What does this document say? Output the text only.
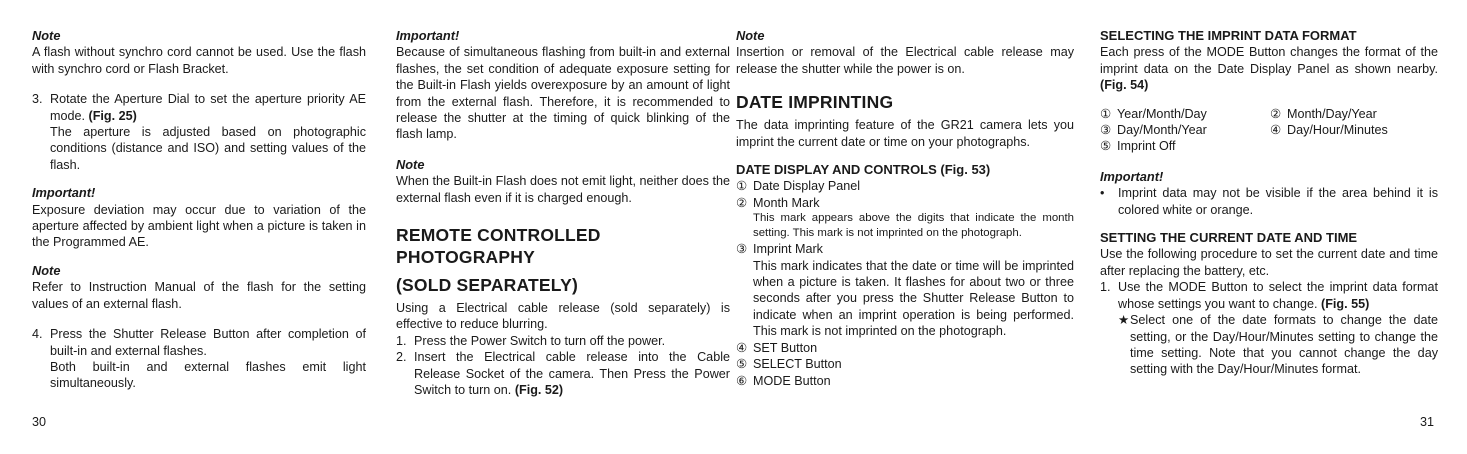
Note

A flash without synchro cord cannot be used. Use the flash with synchro cord or Flash Bracket.

3. Rotate the Aperture Dial to set the aperture priority AE mode. (Fig. 25)

The aperture is adjusted based on photographic conditions (distance and ISO) and setting values of the flash.

Important!

Exposure deviation may occur due to variation of the aperture affected by ambient light when a picture is taken in the Programmed AE.

Note

Refer to Instruction Manual of the flash for the setting values of an external flash.

4. Press the Shutter Release Button after completion of built-in and external flashes.

Both built-in and external flashes emit light simultaneously.

Important!

Because of simultaneous flashing from built-in and external flashes, the set condition of adequate exposure setting for the Built-in Flash yields overexposure by an amount of light from the external flash. Therefore, it is recommended to release the shutter at the timing of quick blinking of the flash lamp.

Note

When the Built-in Flash does not emit light, neither does the external flash even if it is charged enough.

REMOTE CONTROLLED PHOTOGRAPHY
(SOLD SEPARATELY)

Using a Electrical cable release (sold separately) is effective to reduce blurring.

1. Press the Power Switch to turn off the power.

2. Insert the Electrical cable release into the Cable Release Socket of the camera. Then Press the Power Switch to turn on. (Fig. 52)

Note

Insertion or removal of the Electrical cable release may release the shutter while the power is on.

DATE IMPRINTING

The data imprinting feature of the GR21 camera lets you imprint the current date or time on your photographs.

DATE DISPLAY AND CONTROLS (Fig. 53)
① Date Display Panel
② Month Mark

This mark appears above the digits that indicate the month setting. This mark is not imprinted on the photograph.

③ Imprint Mark

This mark indicates that the date or time will be imprinted when a picture is taken. It flashes for about two or three seconds after you press the Shutter Release Button to indicate when an imprint operation is being performed. This mark is not imprinted on the photograph.

④ SET Button
⑤ SELECT Button
⑥ MODE Button
SELECTING THE IMPRINT DATA FORMAT

Each press of the MODE Button changes the format of the imprint data on the Date Display Panel as shown nearby. (Fig. 54)

① Year/Month/Day	② Month/Day/Year
③ Day/Month/Year	④ Day/Hour/Minutes
⑤ Imprint Off
Important!
•	Imprint data may not be visible if the area behind it is colored white or orange.

SETTING THE CURRENT DATE AND TIME

Use the following procedure to set the current date and time after replacing the battery, etc.

1. Use the MODE Button to select the imprint data format whose settings you want to change. (Fig. 55)

★ Select one of the date formats to change the date setting, or the Day/Hour/Minutes setting to change the time setting. Note that you cannot change the day setting with the Day/Hour/Minutes format.

30	31
